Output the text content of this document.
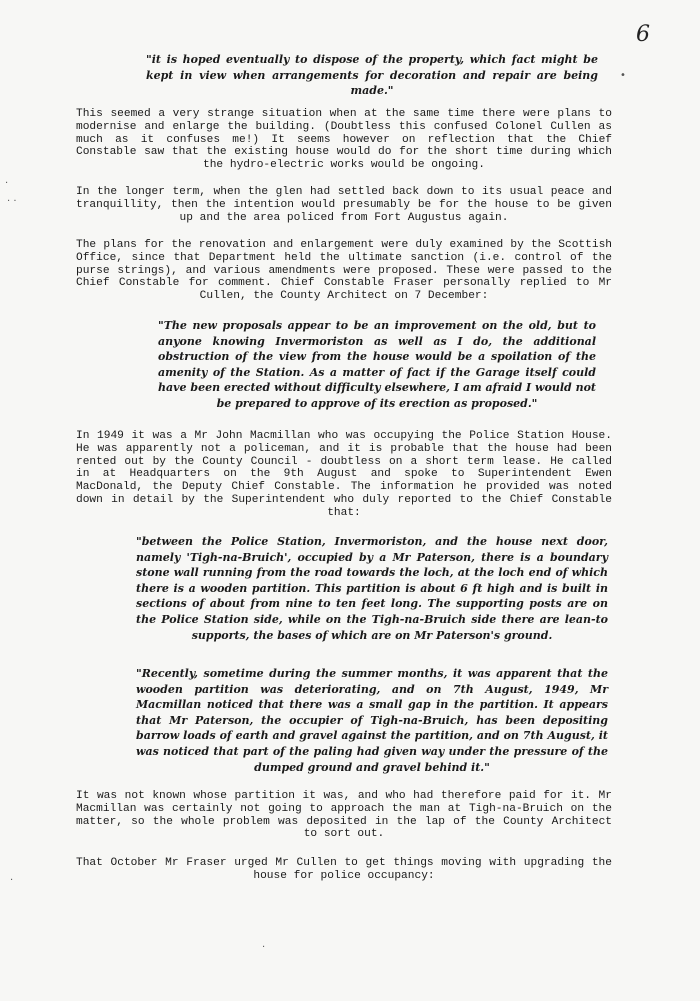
6
·
· ·
•
·
·

"it is hoped eventually to dispose of the property, which fact might be kept in view when arrangements for decoration and repair are being made."

This seemed a very strange situation when at the same time there were plans to modernise and enlarge the building. (Doubtless this confused Colonel Cullen as much as it confuses me!) It seems however on reflection that the Chief Constable saw that the existing house would do for the short time during which the hydro-electric works would be ongoing.
In the longer term, when the glen had settled back down to its usual peace and tranquillity, then the intention would presumably be for the house to be given up and the area policed from Fort Augustus again.
The plans for the renovation and enlargement were duly examined by the Scottish Office, since that Department held the ultimate sanction (i.e. control of the purse strings), and various amendments were proposed. These were passed to the Chief Constable for comment. Chief Constable Fraser personally replied to Mr Cullen, the County Architect on 7 December:

"The new proposals appear to be an improvement on the old, but to anyone knowing Invermoriston as well as I do, the additional obstruction of the view from the house would be a spoilation of the amenity of the Station. As a matter of fact if the Garage itself could have been erected without difficulty elsewhere, I am afraid I would not be prepared to approve of its erection as proposed."

In 1949 it was a Mr John Macmillan who was occupying the Police Station House. He was apparently not a policeman, and it is probable that the house had been rented out by the County Council - doubtless on a short term lease. He called in at Headquarters on the 9th August and spoke to Superintendent Ewen MacDonald, the Deputy Chief Constable. The information he provided was noted down in detail by the Superintendent who duly reported to the Chief Constable that:

"between the Police Station, Invermoriston, and the house next door, namely 'Tigh-na-Bruich', occupied by a Mr Paterson, there is a boundary stone wall running from the road towards the loch, at the loch end of which there is a wooden partition. This partition is about 6 ft high and is built in sections of about from nine to ten feet long. The supporting posts are on the Police Station side, while on the Tigh-na-Bruich side there are lean-to supports, the bases of which are on Mr Paterson's ground.

"Recently, sometime during the summer months, it was apparent that the wooden partition was deteriorating, and on 7th August, 1949, Mr Macmillan noticed that there was a small gap in the partition. It appears that Mr Paterson, the occupier of Tigh-na-Bruich, has been depositing barrow loads of earth and gravel against the partition, and on 7th August, it was noticed that part of the paling had given way under the pressure of the dumped ground and gravel behind it."

It was not known whose partition it was, and who had therefore paid for it. Mr Macmillan was certainly not going to approach the man at Tigh-na-Bruich on the matter, so the whole problem was deposited in the lap of the County Architect to sort out.
That October Mr Fraser urged Mr Cullen to get things moving with upgrading the house for police occupancy:
